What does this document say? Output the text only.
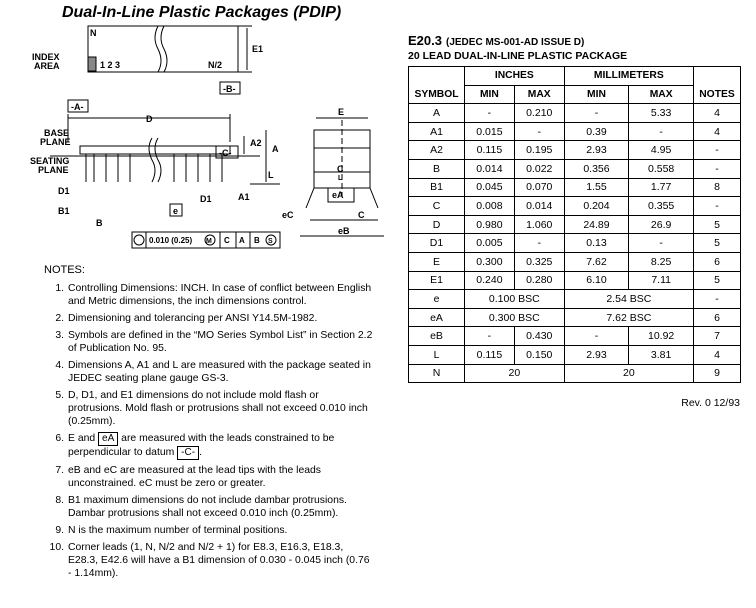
Dual-In-Line Plastic Packages (PDIP)
N
INDEX AREA	1 2 3	N/2
E1
-B-
-A-
D
BASE PLANE
SEATING PLANE
-C-
A2
A
L
D1
B1
A1
D1
B
e
0.010 (0.25) M C A B S
E
C L
eA
C
eC
eB
NOTES:
1. Controlling Dimensions: INCH. In case of conflict between English and Metric dimensions, the inch dimensions control.
2. Dimensioning and tolerancing per ANSI Y14.5M-1982.
3. Symbols are defined in the “MO Series Symbol List” in Section 2.2 of Publication No. 95.
4. Dimensions A, A1 and L are measured with the package seated in JEDEC seating plane gauge GS-3.
5. D, D1, and E1 dimensions do not include mold flash or protrusions. Mold flash or protrusions shall not exceed 0.010 inch (0.25mm).
6. E and eA are measured with the leads constrained to be perpendicular to datum -C- .
7. eB and eC are measured at the lead tips with the leads unconstrained. eC must be zero or greater.
8. B1 maximum dimensions do not include dambar protrusions. Dambar protrusions shall not exceed 0.010 inch (0.25mm).
9. N is the maximum number of terminal positions.
10. Corner leads (1, N, N/2 and N/2 + 1) for E8.3, E16.3, E18.3, E28.3, E42.6 will have a B1 dimension of 0.030 - 0.045 inch (0.76 - 1.14mm).
E20.3 (JEDEC MS-001-AD ISSUE D)
20 LEAD DUAL-IN-LINE PLASTIC PACKAGE
	INCHES		MILLIMETERS		
SYMBOL	MIN	MAX	MIN	MAX	NOTES
A	-	0.210	-	5.33	4
A1	0.015	-	0.39	-	4
A2	0.115	0.195	2.93	4.95	-
B	0.014	0.022	0.356	0.558	-
B1	0.045	0.070	1.55	1.77	8
C	0.008	0.014	0.204	0.355	-
D	0.980	1.060	24.89	26.9	5
D1	0.005	-	0.13	-	5
E	0.300	0.325	7.62	8.25	6
E1	0.240	0.280	6.10	7.11	5
e	0.100 BSC		2.54 BSC		-
eA	0.300 BSC		7.62 BSC		6
eB	-	0.430	-	10.92	7
L	0.115	0.150	2.93	3.81	4
N	20		20		9
Rev. 0 12/93
